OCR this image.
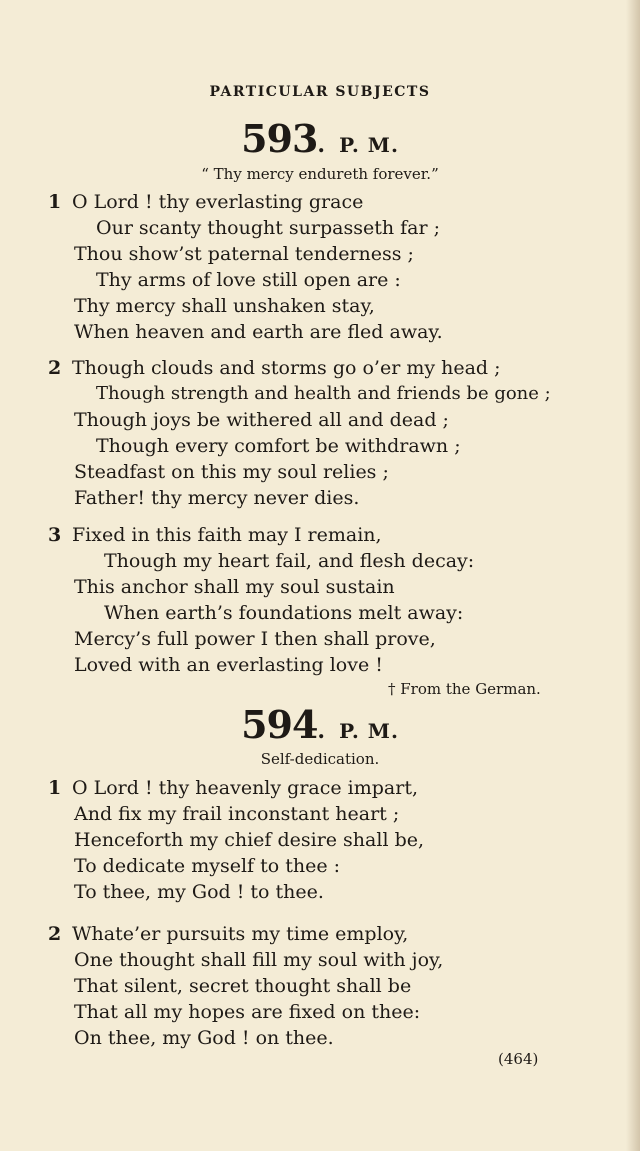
PARTICULAR SUBJECTS
593. P. M.
“ Thy mercy endureth forever.”
1 O Lord ! thy everlasting grace
Our scanty thought surpasseth far ;
Thou show’st paternal tenderness ;
Thy arms of love still open are :
Thy mercy shall unshaken stay,
When heaven and earth are fled away.
2 Though clouds and storms go o’er my head ;
Though strength and health and friends be gone ;
Though joys be withered all and dead ;
Though every comfort be withdrawn ;
Steadfast on this my soul relies ;
Father! thy mercy never dies.
3 Fixed in this faith may I remain,
Though my heart fail, and flesh decay:
This anchor shall my soul sustain
When earth’s foundations melt away:
Mercy’s full power I then shall prove,
Loved with an everlasting love !
† From the German.
594. P. M.
Self-dedication.
1 O Lord ! thy heavenly grace impart,
And fix my frail inconstant heart ;
Henceforth my chief desire shall be,
To dedicate myself to thee :
To thee, my God ! to thee.
2 Whate’er pursuits my time employ,
One thought shall fill my soul with joy,
That silent, secret thought shall be
That all my hopes are fixed on thee:
On thee, my God ! on thee.
(464)
